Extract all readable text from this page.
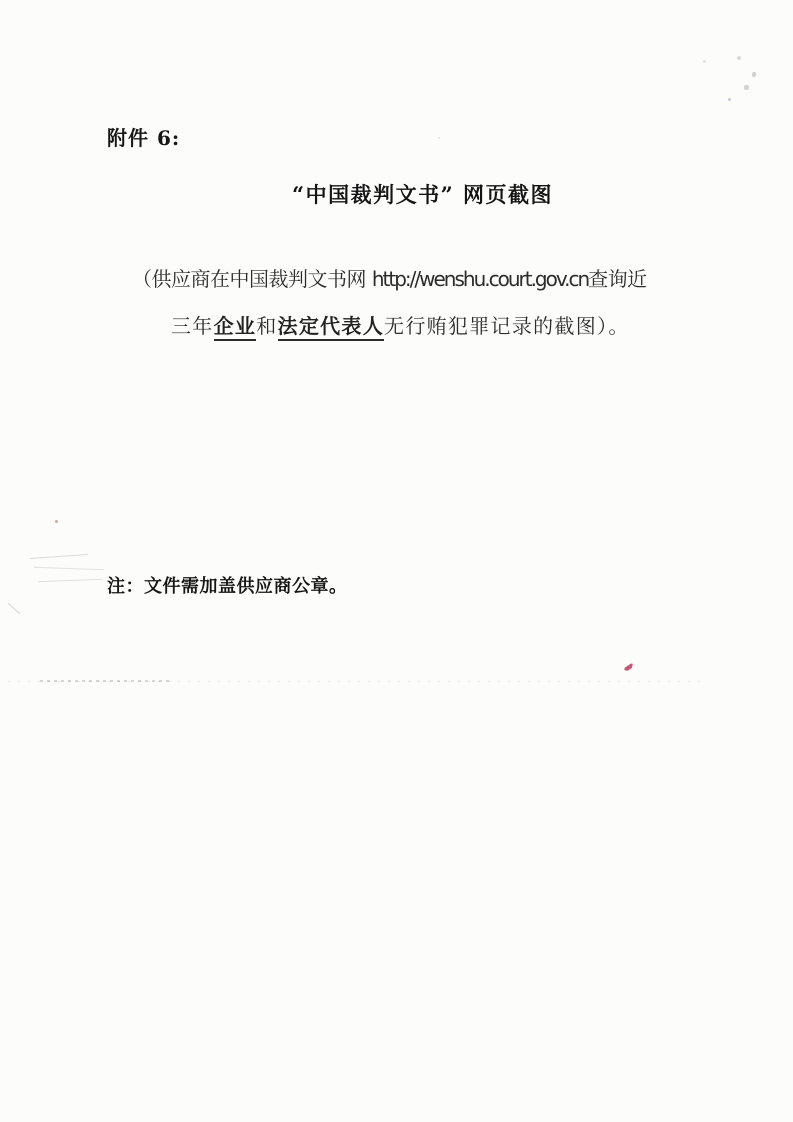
附件 6:
“中国裁判文书” 网页截图
（供应商在中国裁判文书网 http://wenshu.court.gov.cn查询近
三年企业和法定代表人无行贿犯罪记录的截图）。
注：文件需加盖供应商公章。
